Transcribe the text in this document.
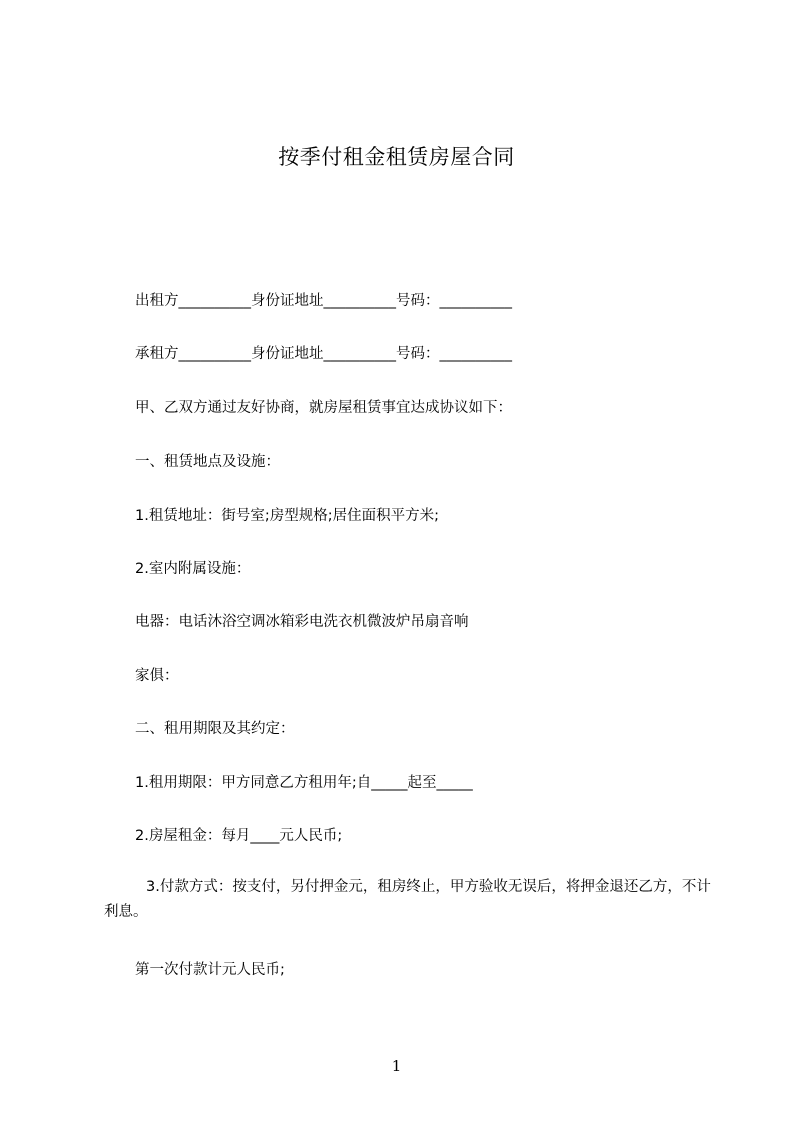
按季付租金租赁房屋合同
出租方__________身份证地址__________号码：__________
承租方__________身份证地址__________号码：__________
甲、乙双方通过友好协商，就房屋租赁事宜达成协议如下：
一、租赁地点及设施：
1.租赁地址：街号室;房型规格;居住面积平方米;
2.室内附属设施：
电器：电话沐浴空调冰箱彩电洗衣机微波炉吊扇音响
家俱：
二、租用期限及其约定：
1.租用期限：甲方同意乙方租用年;自_____起至_____
2.房屋租金：每月____元人民币;
3.付款方式：按支付，另付押金元，租房终止，甲方验收无误后，将押金退还乙方，不计利息。
第一次付款计元人民币;
1
